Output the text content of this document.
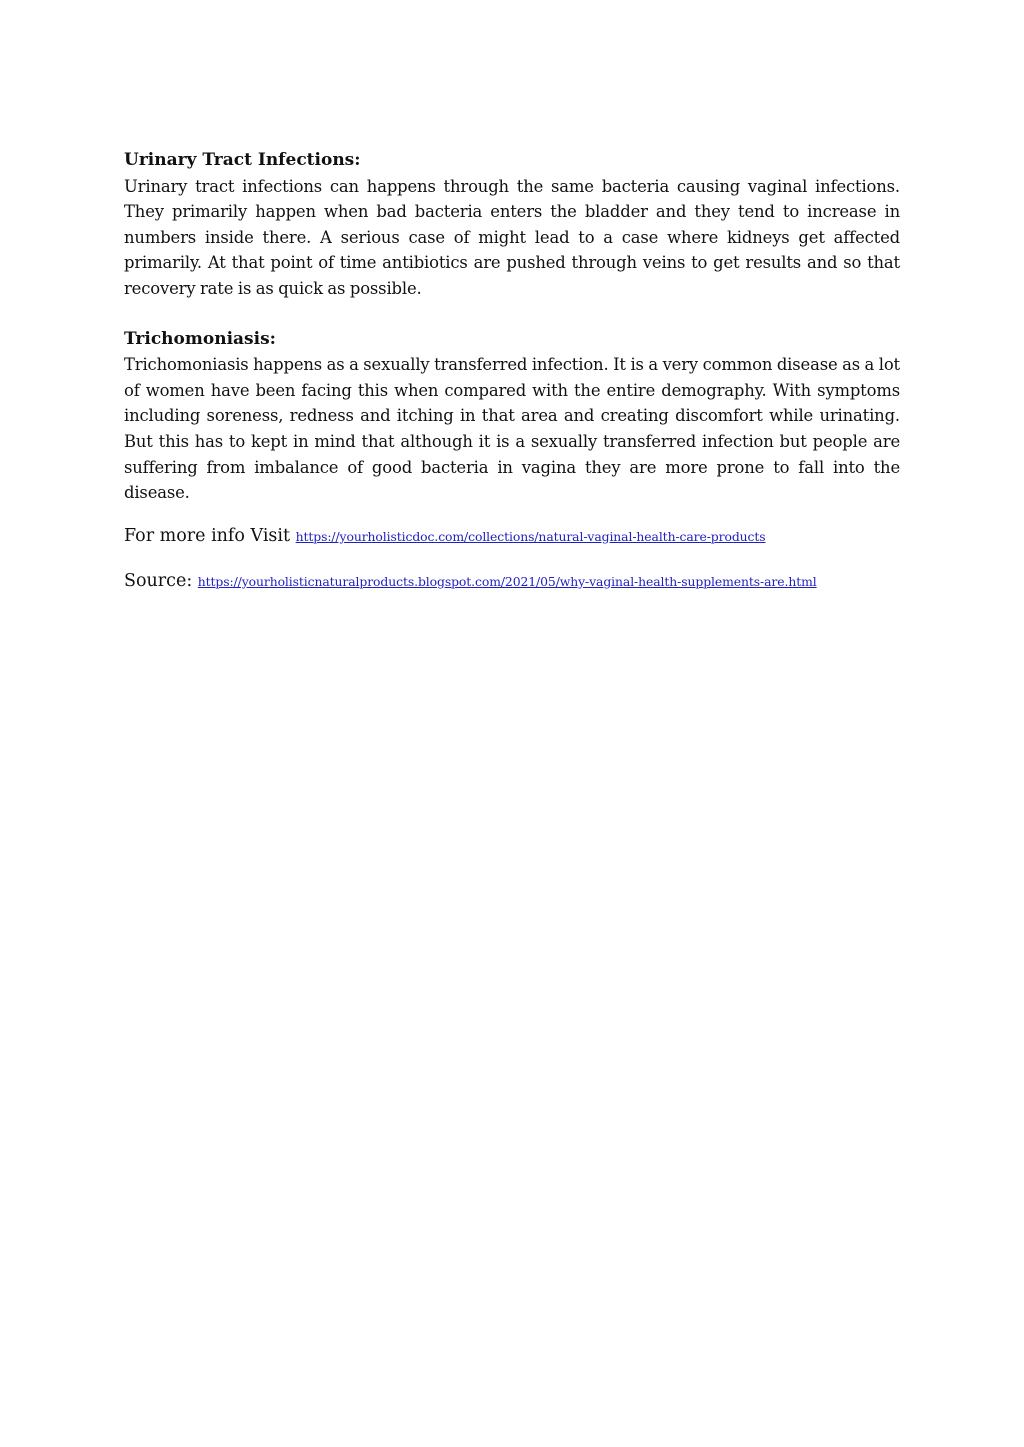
Urinary Tract Infections:

Urinary tract infections can happens through the same bacteria causing vaginal infections. They primarily happen when bad bacteria enters the bladder and they tend to increase in numbers inside there. A serious case of might lead to a case where kidneys get affected primarily. At that point of time antibiotics are pushed through veins to get results and so that recovery rate is as quick as possible.

Trichomoniasis:

Trichomoniasis happens as a sexually transferred infection. It is a very common disease as a lot of women have been facing this when compared with the entire demography. With symptoms including soreness, redness and itching in that area and creating discomfort while urinating. But this has to kept in mind that although it is a sexually transferred infection but people are suffering from imbalance of good bacteria in vagina they are more prone to fall into the disease.

For more info Visit https://yourholisticdoc.com/collections/natural-vaginal-health-care-products

Source: https://yourholisticnaturalproducts.blogspot.com/2021/05/why-vaginal-health-supplements-are.html
